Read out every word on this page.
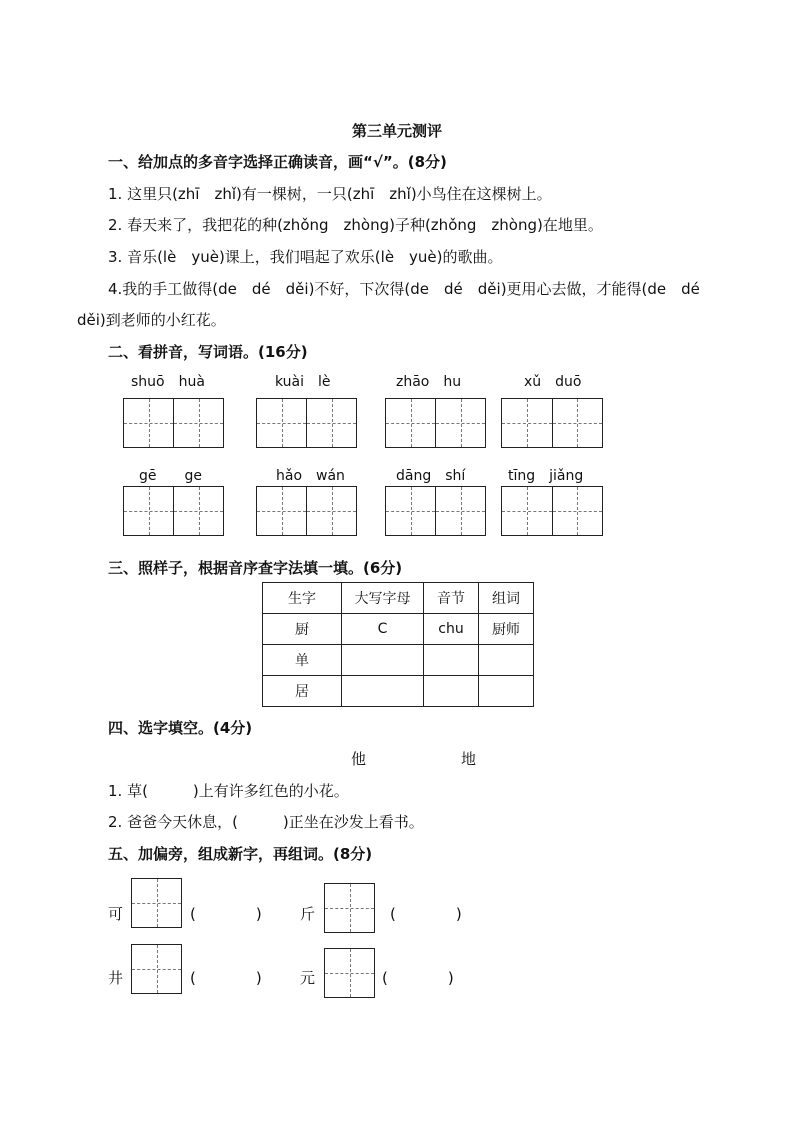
第三单元测评
一、给加点的多音字选择正确读音，画“√”。(8分)
1. 这里只(zhī　zhǐ)有一棵树，一只(zhī　zhǐ)小鸟住在这棵树上。
2. 春天来了，我把花的种(zhǒng　zhòng)子种(zhǒng　zhòng)在地里。
3. 音乐(lè　yuè)课上，我们唱起了欢乐(lè　yuè)的歌曲。
4.我的手工做得(de　dé　děi)不好，下次得(de　dé　děi)更用心去做，才能得(de　dé
děi)到老师的小红花。
二、看拼音，写词语。(16分)
shuō　huà	kuài　lè	zhāo　hu	xǔ　duō
gē　　ge	hǎo　wán	dāng　shí	tīng　jiǎng
三、照样子，根据音序查字法填一填。(6分)
生字	大写字母	音节	组词
厨	C	chu	厨师
单			
居			
四、选字填空。(4分)
他	地
1. 草(　　　)上有许多红色的小花。
2. 爸爸今天休息，(　　　)正坐在沙发上看书。
五、加偏旁，组成新字，再组词。(8分)
可	(　　　　)	斤	(　　　　)
井	(　　　　)	元	(　　　　)
